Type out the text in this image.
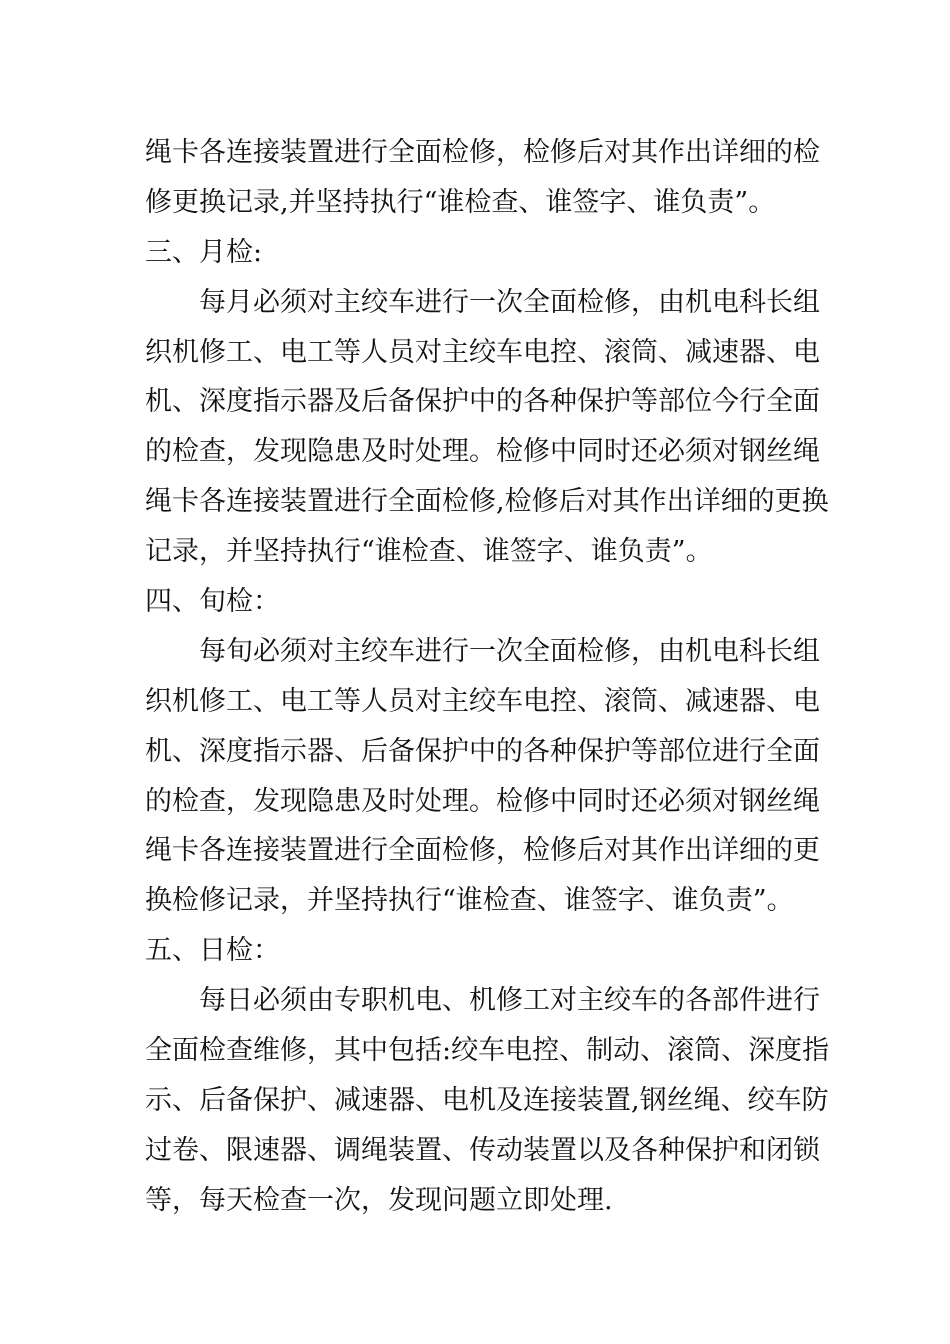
绳卡各连接装置进行全面检修，检修后对其作出详细的检
修更换记录,并坚持执行“谁检查、谁签字、谁负责”。
三、月检:
每月必须对主绞车进行一次全面检修，由机电科长组
织机修工、电工等人员对主绞车电控、滚筒、减速器、电
机、深度指示器及后备保护中的各种保护等部位今行全面
的检查，发现隐患及时处理。检修中同时还必须对钢丝绳
绳卡各连接装置进行全面检修,检修后对其作出详细的更换
记录，并坚持执行“谁检查、谁签字、谁负责”。
四、旬检：
每旬必须对主绞车进行一次全面检修，由机电科长组
织机修工、电工等人员对主绞车电控、滚筒、减速器、电
机、深度指示器、后备保护中的各种保护等部位进行全面
的检查，发现隐患及时处理。检修中同时还必须对钢丝绳
绳卡各连接装置进行全面检修，检修后对其作出详细的更
换检修记录，并坚持执行“谁检查、谁签字、谁负责”。
五、日检：
每日必须由专职机电、机修工对主绞车的各部件进行
全面检查维修，其中包括:绞车电控、制动、滚筒、深度指
示、后备保护、减速器、电机及连接装置,钢丝绳、绞车防
过卷、限速器、调绳装置、传动装置以及各种保护和闭锁
等，每天检查一次，发现问题立即处理.
